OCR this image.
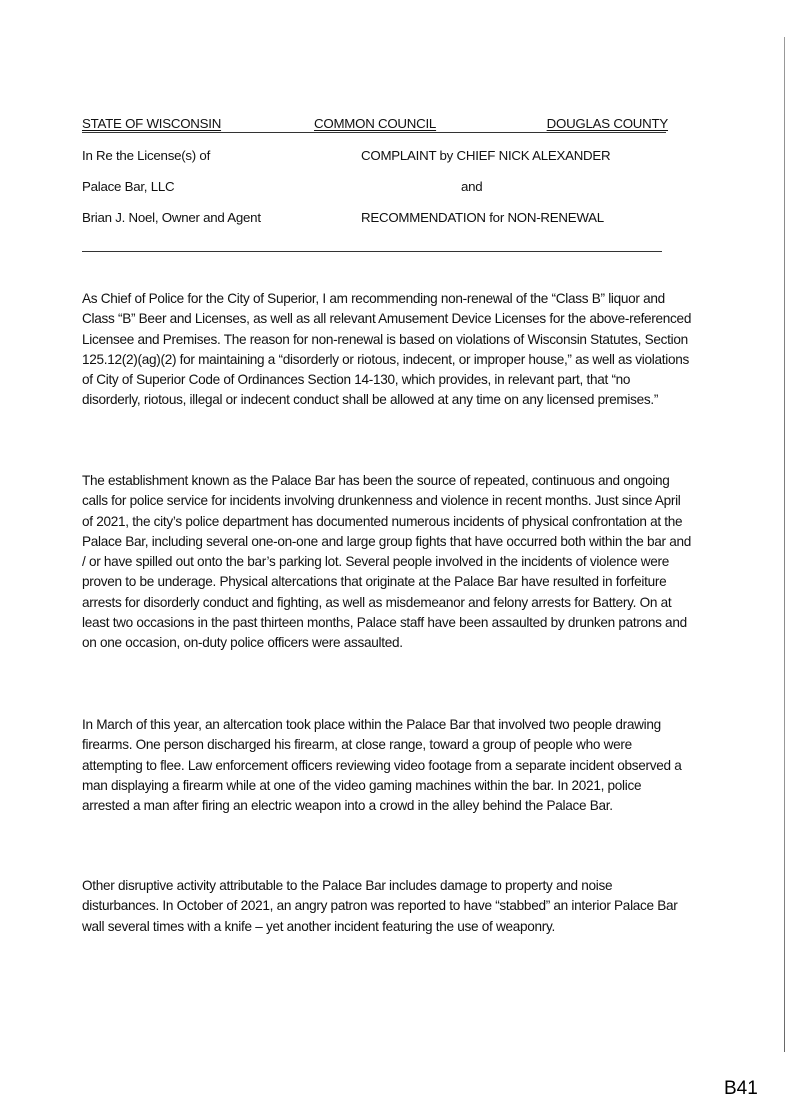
STATE OF WISCONSIN	COMMON COUNCIL	DOUGLAS COUNTY
In Re the License(s) of	COMPLAINT by CHIEF NICK ALEXANDER
Palace Bar, LLC	and
Brian J. Noel, Owner and Agent	RECOMMENDATION for NON-RENEWAL

As Chief of Police for the City of Superior, I am recommending non-renewal of the “Class B” liquor and Class “B” Beer and Licenses, as well as all relevant Amusement Device Licenses for the above-referenced Licensee and Premises. The reason for non-renewal is based on violations of Wisconsin Statutes, Section 125.12(2)(ag)(2) for maintaining a “disorderly or riotous, indecent, or improper house,” as well as violations of City of Superior Code of Ordinances Section 14-130, which provides, in relevant part, that “no disorderly, riotous, illegal or indecent conduct shall be allowed at any time on any licensed premises.”

The establishment known as the Palace Bar has been the source of repeated, continuous and ongoing calls for police service for incidents involving drunkenness and violence in recent months. Just since April of 2021, the city’s police department has documented numerous incidents of physical confrontation at the Palace Bar, including several one-on-one and large group fights that have occurred both within the bar and / or have spilled out onto the bar’s parking lot. Several people involved in the incidents of violence were proven to be underage. Physical altercations that originate at the Palace Bar have resulted in forfeiture arrests for disorderly conduct and fighting, as well as misdemeanor and felony arrests for Battery. On at least two occasions in the past thirteen months, Palace staff have been assaulted by drunken patrons and on one occasion, on-duty police officers were assaulted.

In March of this year, an altercation took place within the Palace Bar that involved two people drawing firearms. One person discharged his firearm, at close range, toward a group of people who were attempting to flee. Law enforcement officers reviewing video footage from a separate incident observed a man displaying a firearm while at one of the video gaming machines within the bar. In 2021, police arrested a man after firing an electric weapon into a crowd in the alley behind the Palace Bar.

Other disruptive activity attributable to the Palace Bar includes damage to property and noise disturbances. In October of 2021, an angry patron was reported to have “stabbed” an interior Palace Bar wall several times with a knife – yet another incident featuring the use of weaponry.

B41
